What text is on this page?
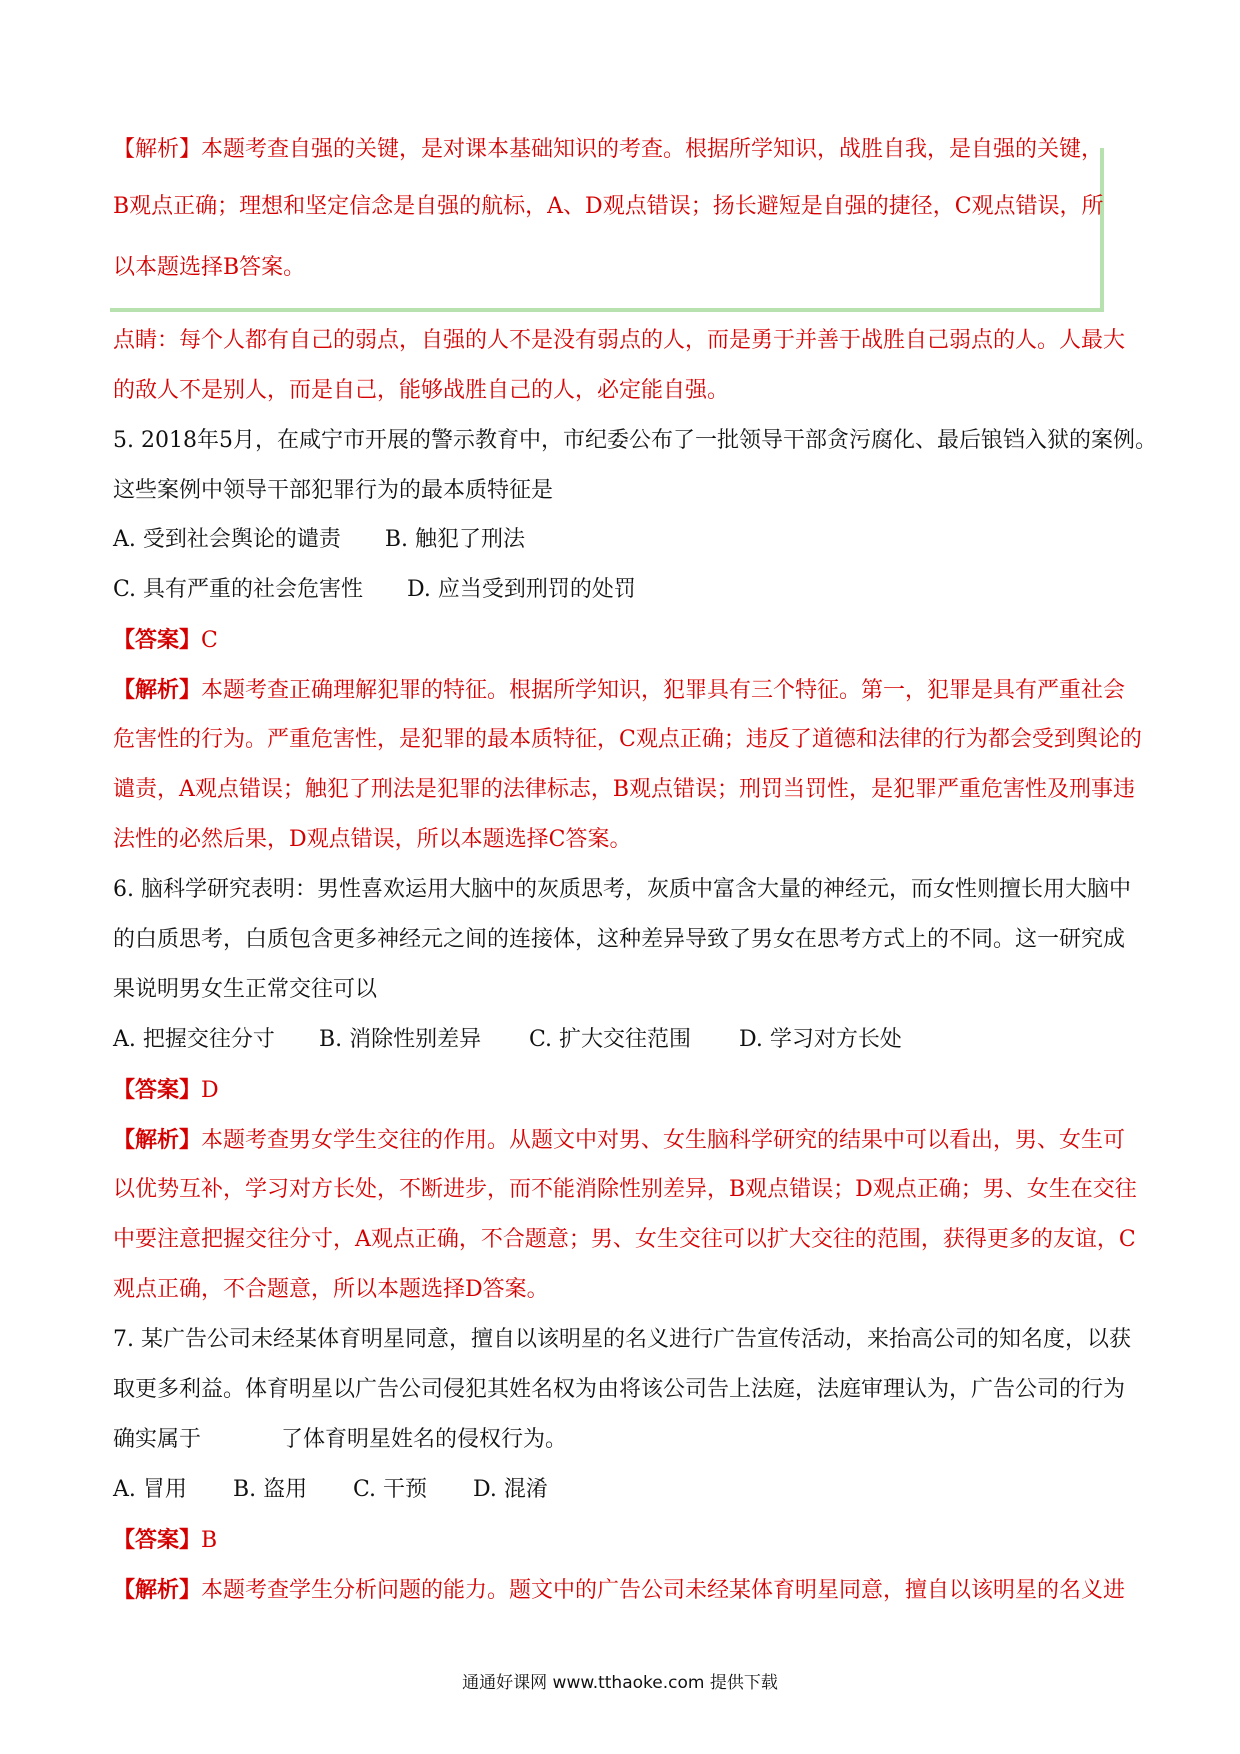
【解析】本题考查自强的关键，是对课本基础知识的考查。根据所学知识，战胜自我，是自强的关键，
B观点正确；理想和坚定信念是自强的航标，A、D观点错误；扬长避短是自强的捷径，C观点错误，所
以本题选择B答案。
点睛：每个人都有自己的弱点，自强的人不是没有弱点的人，而是勇于并善于战胜自己弱点的人。人最大
的敌人不是别人，而是自己，能够战胜自己的人，必定能自强。
5. 2018年5月，在咸宁市开展的警示教育中，市纪委公布了一批领导干部贪污腐化、最后锒铛入狱的案例。
这些案例中领导干部犯罪行为的最本质特征是
A. 受到社会舆论的谴责 B. 触犯了刑法
C. 具有严重的社会危害性 D. 应当受到刑罚的处罚
【答案】C
【解析】本题考查正确理解犯罪的特征。根据所学知识，犯罪具有三个特征。第一，犯罪是具有严重社会
危害性的行为。严重危害性，是犯罪的最本质特征，C观点正确；违反了道德和法律的行为都会受到舆论的
谴责，A观点错误；触犯了刑法是犯罪的法律标志，B观点错误；刑罚当罚性，是犯罪严重危害性及刑事违
法性的必然后果，D观点错误，所以本题选择C答案。
6. 脑科学研究表明：男性喜欢运用大脑中的灰质思考，灰质中富含大量的神经元，而女性则擅长用大脑中
的白质思考，白质包含更多神经元之间的连接体，这种差异导致了男女在思考方式上的不同。这一研究成
果说明男女生正常交往可以
A. 把握交往分寸 B. 消除性别差异 C. 扩大交往范围 D. 学习对方长处
【答案】D
【解析】本题考查男女学生交往的作用。从题文中对男、女生脑科学研究的结果中可以看出，男、女生可
以优势互补，学习对方长处，不断进步，而不能消除性别差异，B观点错误；D观点正确；男、女生在交往
中要注意把握交往分寸，A观点正确，不合题意；男、女生交往可以扩大交往的范围，获得更多的友谊，C
观点正确，不合题意，所以本题选择D答案。
7. 某广告公司未经某体育明星同意，擅自以该明星的名义进行广告宣传活动，来抬高公司的知名度，以获
取更多利益。体育明星以广告公司侵犯其姓名权为由将该公司告上法庭，法庭审理认为，广告公司的行为
确实属于	了体育明星姓名的侵权行为。
A. 冒用 B. 盗用 C. 干预 D. 混淆
【答案】B
【解析】本题考查学生分析问题的能力。题文中的广告公司未经某体育明星同意，擅自以该明星的名义进
通通好课网 www.tthaoke.com 提供下载
